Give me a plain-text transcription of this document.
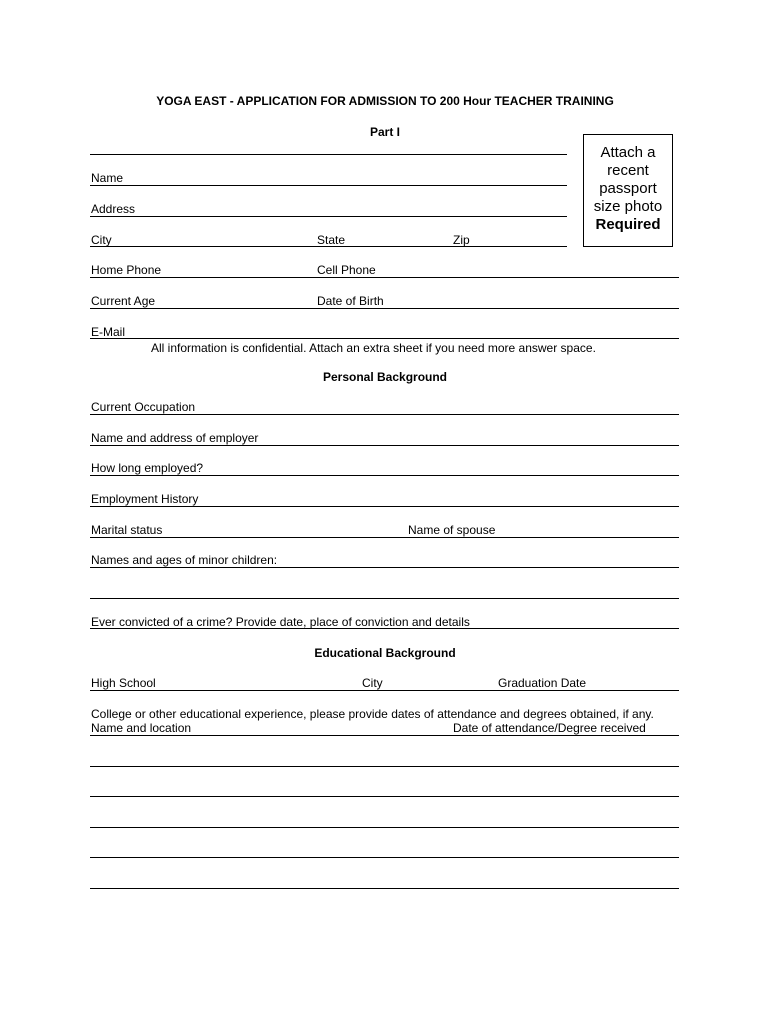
YOGA EAST - APPLICATION FOR ADMISSION TO 200 Hour TEACHER TRAINING
Part I
Attach a
recent
passport
size photo
Required
Name
Address
City	State	Zip
Home Phone	Cell Phone
Current Age	Date of Birth
E-Mail
All information is confidential. Attach an extra sheet if you need more answer space.
Personal Background
Current Occupation
Name and address of employer
How long employed?
Employment History
Marital status	Name of spouse
Names and ages of minor children:
Ever convicted of a crime? Provide date, place of conviction and details
Educational Background
High School	City	Graduation Date
College or other educational experience, please provide dates of attendance and degrees obtained, if any.
Name and location	Date of attendance/Degree received
